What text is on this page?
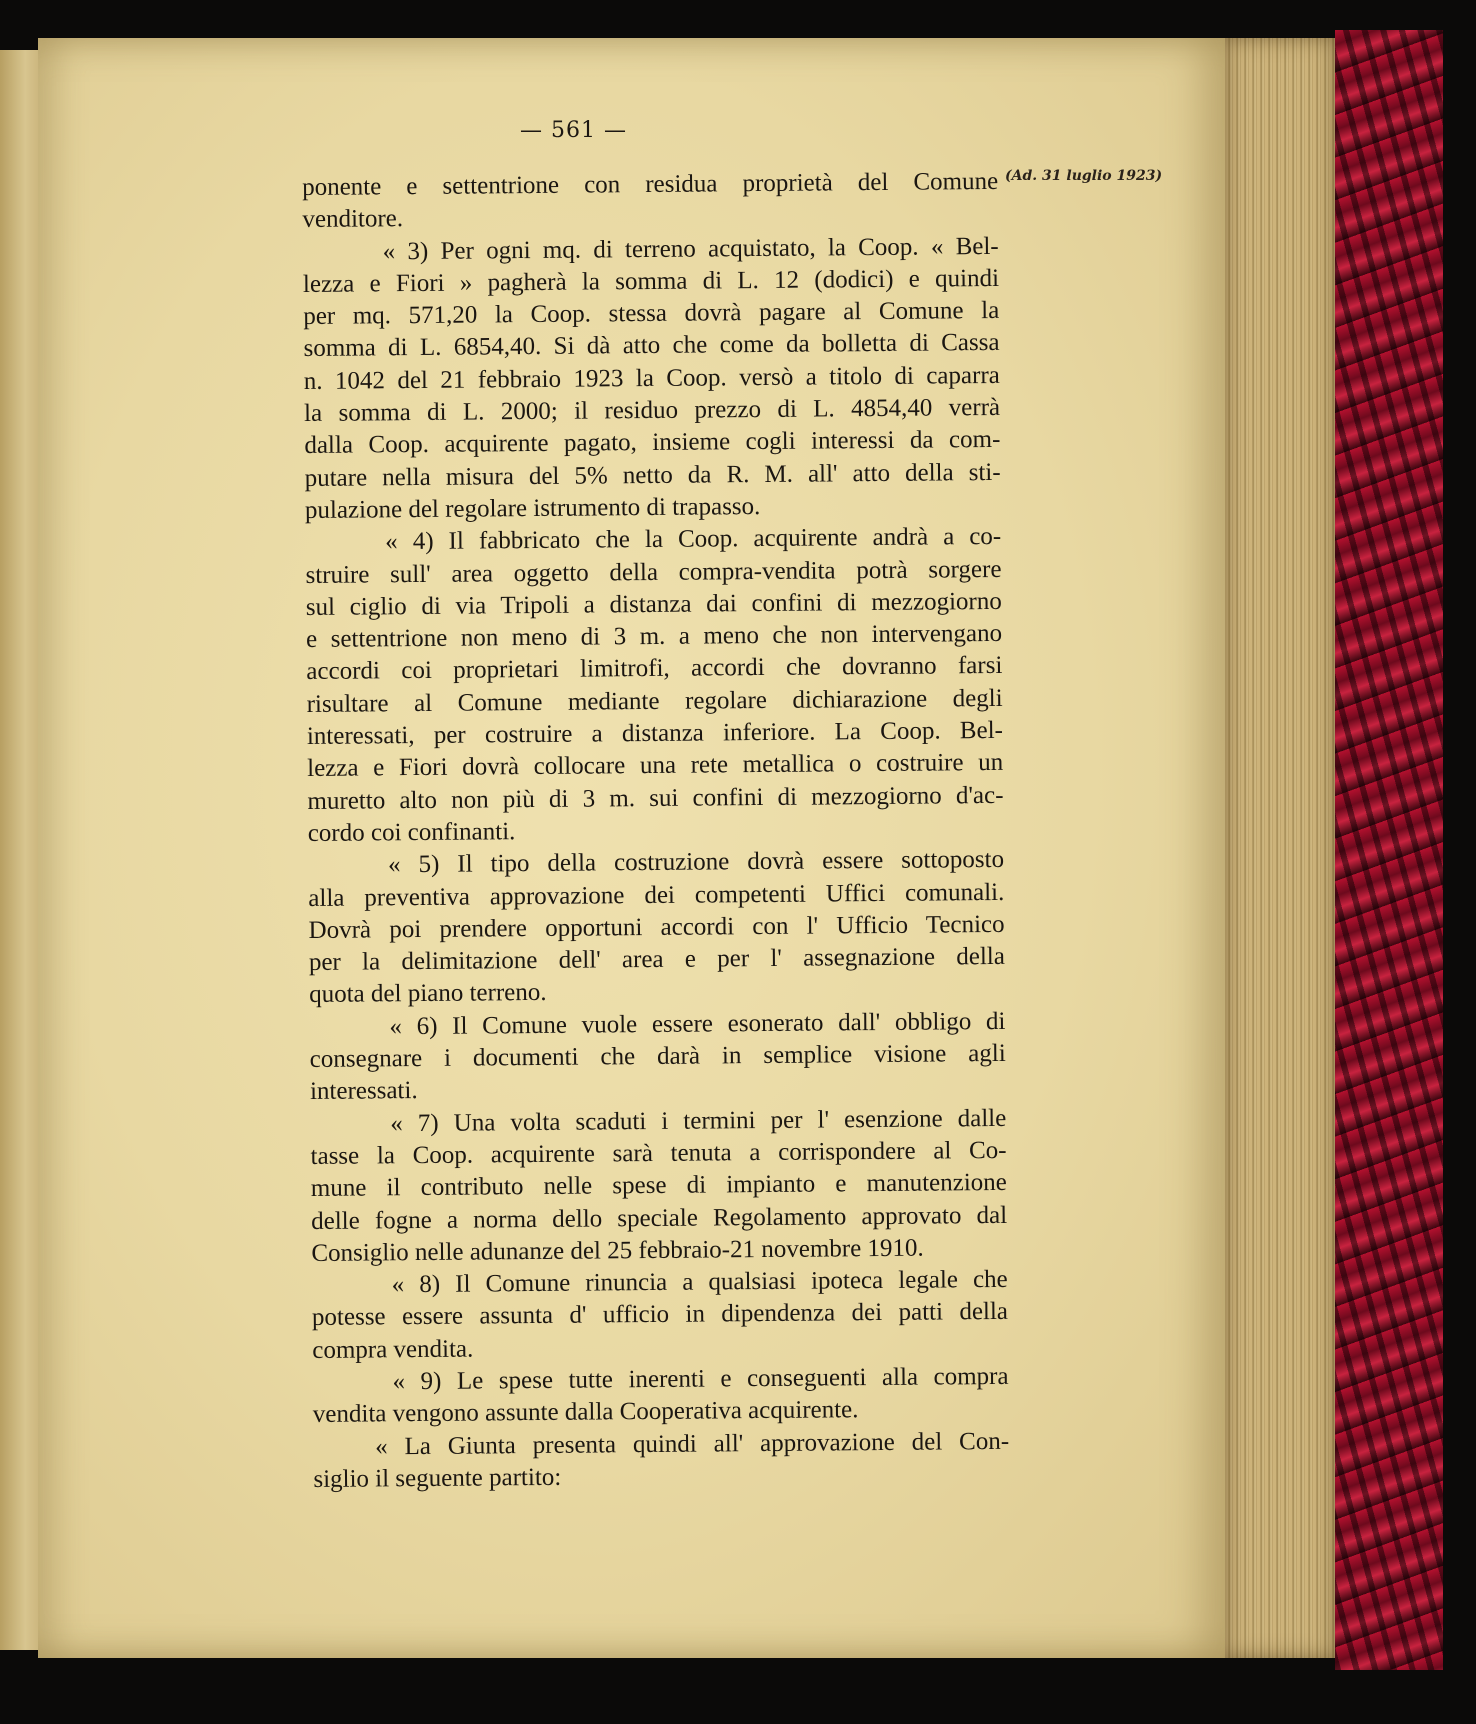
— 561 —
(Ad. 31 luglio 1923)
ponente e settentrione con residua proprietà del Comune
venditore.
« 3) Per ogni mq. di terreno acquistato, la Coop. « Bel-
lezza e Fiori » pagherà la somma di L. 12 (dodici) e quindi
per mq. 571,20 la Coop. stessa dovrà pagare al Comune la
somma di L. 6854,40. Si dà atto che come da bolletta di Cassa
n. 1042 del 21 febbraio 1923 la Coop. versò a titolo di caparra
la somma di L. 2000; il residuo prezzo di L. 4854,40 verrà
dalla Coop. acquirente pagato, insieme cogli interessi da com-
putare nella misura del 5% netto da R. M. all' atto della sti-
pulazione del regolare istrumento di trapasso.
« 4) Il fabbricato che la Coop. acquirente andrà a co-
struire sull' area oggetto della compra-vendita potrà sorgere
sul ciglio di via Tripoli a distanza dai confini di mezzogiorno
e settentrione non meno di 3 m. a meno che non intervengano
accordi coi proprietari limitrofi, accordi che dovranno farsi
risultare al Comune mediante regolare dichiarazione degli
interessati, per costruire a distanza inferiore. La Coop. Bel-
lezza e Fiori dovrà collocare una rete metallica o costruire un
muretto alto non più di 3 m. sui confini di mezzogiorno d'ac-
cordo coi confinanti.
« 5) Il tipo della costruzione dovrà essere sottoposto
alla preventiva approvazione dei competenti Uffici comunali.
Dovrà poi prendere opportuni accordi con l' Ufficio Tecnico
per la delimitazione dell' area e per l' assegnazione della
quota del piano terreno.
« 6) Il Comune vuole essere esonerato dall' obbligo di
consegnare i documenti che darà in semplice visione agli
interessati.
« 7) Una volta scaduti i termini per l' esenzione dalle
tasse la Coop. acquirente sarà tenuta a corrispondere al Co-
mune il contributo nelle spese di impianto e manutenzione
delle fogne a norma dello speciale Regolamento approvato dal
Consiglio nelle adunanze del 25 febbraio-21 novembre 1910.
« 8) Il Comune rinuncia a qualsiasi ipoteca legale che
potesse essere assunta d' ufficio in dipendenza dei patti della
compra vendita.
« 9) Le spese tutte inerenti e conseguenti alla compra
vendita vengono assunte dalla Cooperativa acquirente.
« La Giunta presenta quindi all' approvazione del Con-
siglio il seguente partito:
